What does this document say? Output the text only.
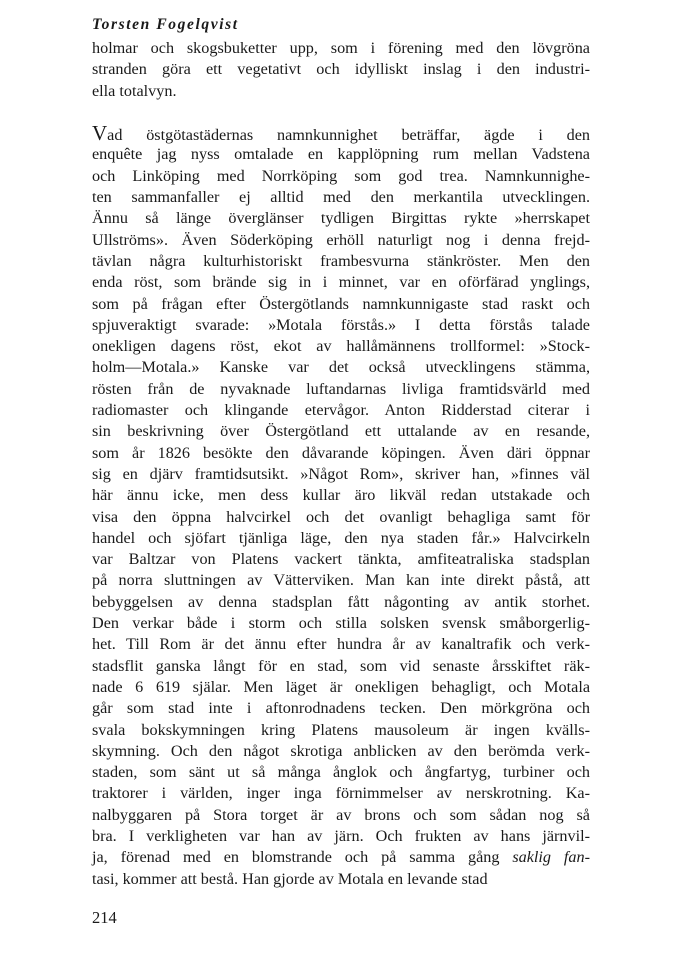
Torsten Fogelqvist
holmar och skogsbuketter upp, som i förening med den lövgröna
stranden göra ett vegetativt och idylliskt inslag i den industri-
ella totalvyn.
Vad östgötastädernas namnkunnighet beträffar, ägde i den
enquête jag nyss omtalade en kapplöpning rum mellan Vadstena
och Linköping med Norrköping som god trea. Namnkunnighe-
ten sammanfaller ej alltid med den merkantila utvecklingen.
Ännu så länge överglänser tydligen Birgittas rykte »herrskapet
Ullströms». Även Söderköping erhöll naturligt nog i denna frejd-
tävlan några kulturhistoriskt frambesvurna stänkröster. Men den
enda röst, som brände sig in i minnet, var en oförfärad ynglings,
som på frågan efter Östergötlands namnkunnigaste stad raskt och
spjuveraktigt svarade: »Motala förstås.» I detta förstås talade
onekligen dagens röst, ekot av hallåmännens trollformel: »Stock-
holm—Motala.» Kanske var det också utvecklingens stämma,
rösten från de nyvaknade luftandarnas livliga framtidsvärld med
radiomaster och klingande etervågor. Anton Ridderstad citerar i
sin beskrivning över Östergötland ett uttalande av en resande,
som år 1826 besökte den dåvarande köpingen. Även däri öppnar
sig en djärv framtidsutsikt. »Något Rom», skriver han, »finnes väl
här ännu icke, men dess kullar äro likväl redan utstakade och
visa den öppna halvcirkel och det ovanligt behagliga samt för
handel och sjöfart tjänliga läge, den nya staden får.» Halvcirkeln
var Baltzar von Platens vackert tänkta, amfiteatraliska stadsplan
på norra sluttningen av Vätterviken. Man kan inte direkt påstå, att
bebyggelsen av denna stadsplan fått någonting av antik storhet.
Den verkar både i storm och stilla solsken svensk småborgerlig-
het. Till Rom är det ännu efter hundra år av kanaltrafik och verk-
stadsflit ganska långt för en stad, som vid senaste årsskiftet räk-
nade 6 619 själar. Men läget är onekligen behagligt, och Motala
går som stad inte i aftonrodnadens tecken. Den mörkgröna och
svala bokskymningen kring Platens mausoleum är ingen kvälls-
skymning. Och den något skrotiga anblicken av den berömda verk-
staden, som sänt ut så många ånglok och ångfartyg, turbiner och
traktorer i världen, inger inga förnimmelser av nerskrotning. Ka-
nalbyggaren på Stora torget är av brons och som sådan nog så
bra. I verkligheten var han av järn. Och frukten av hans järnvil-
ja, förenad med en blomstrande och på samma gång saklig fan-
tasi, kommer att bestå. Han gjorde av Motala en levande stad
214
